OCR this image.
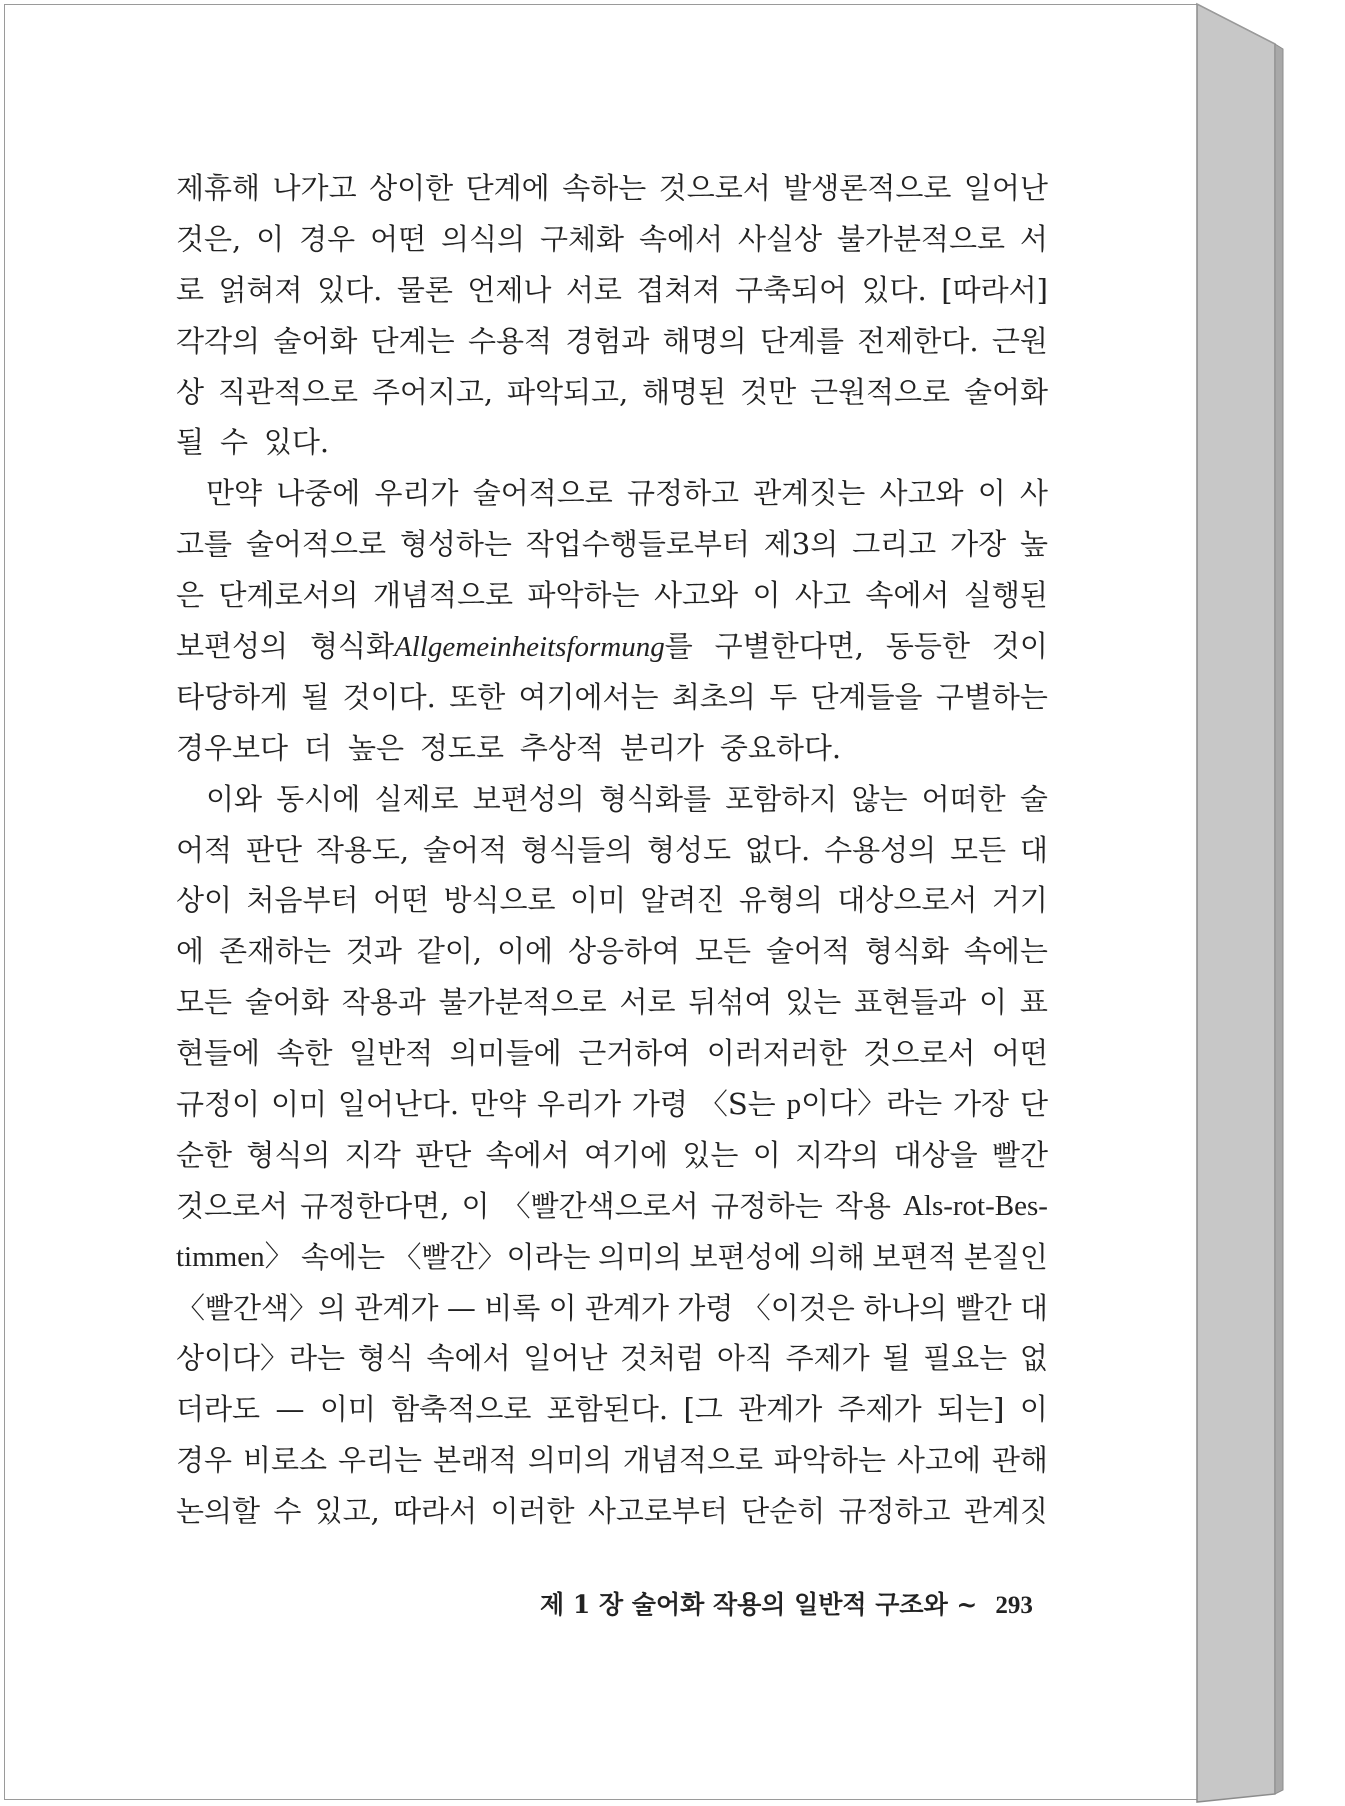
제휴해 나가고 상이한 단계에 속하는 것으로서 발생론적으로 일어난
것은, 이 경우 어떤 의식의 구체화 속에서 사실상 불가분적으로 서
로 얽혀져 있다. 물론 언제나 서로 겹쳐져 구축되어 있다. [따라서]
각각의 술어화 단계는 수용적 경험과 해명의 단계를 전제한다. 근원
상 직관적으로 주어지고, 파악되고, 해명된 것만 근원적으로 술어화
될 수 있다.
만약 나중에 우리가 술어적으로 규정하고 관계짓는 사고와 이 사
고를 술어적으로 형성하는 작업수행들로부터 제3의 그리고 가장 높
은 단계로서의 개념적으로 파악하는 사고와 이 사고 속에서 실행된
보편성의 형식화Allgemeinheitsformung를 구별한다면, 동등한 것이
타당하게 될 것이다. 또한 여기에서는 최초의 두 단계들을 구별하는
경우보다 더 높은 정도로 추상적 분리가 중요하다.
이와 동시에 실제로 보편성의 형식화를 포함하지 않는 어떠한 술
어적 판단 작용도, 술어적 형식들의 형성도 없다. 수용성의 모든 대
상이 처음부터 어떤 방식으로 이미 알려진 유형의 대상으로서 거기
에 존재하는 것과 같이, 이에 상응하여 모든 술어적 형식화 속에는
모든 술어화 작용과 불가분적으로 서로 뒤섞여 있는 표현들과 이 표
현들에 속한 일반적 의미들에 근거하여 이러저러한 것으로서 어떤
규정이 이미 일어난다. 만약 우리가 가령 〈S는 p이다〉라는 가장 단
순한 형식의 지각 판단 속에서 여기에 있는 이 지각의 대상을 빨간
것으로서 규정한다면, 이 〈빨간색으로서 규정하는 작용 Als-rot-Bes-
timmen〉 속에는 〈빨간〉이라는 의미의 보편성에 의해 보편적 본질인
〈빨간색〉의 관계가 — 비록 이 관계가 가령 〈이것은 하나의 빨간 대
상이다〉라는 형식 속에서 일어난 것처럼 아직 주제가 될 필요는 없
더라도 — 이미 함축적으로 포함된다. [그 관계가 주제가 되는] 이
경우 비로소 우리는 본래적 의미의 개념적으로 파악하는 사고에 관해
논의할 수 있고, 따라서 이러한 사고로부터 단순히 규정하고 관계짓
제 1 장 술어화 작용의 일반적 구조와 ~ 293
